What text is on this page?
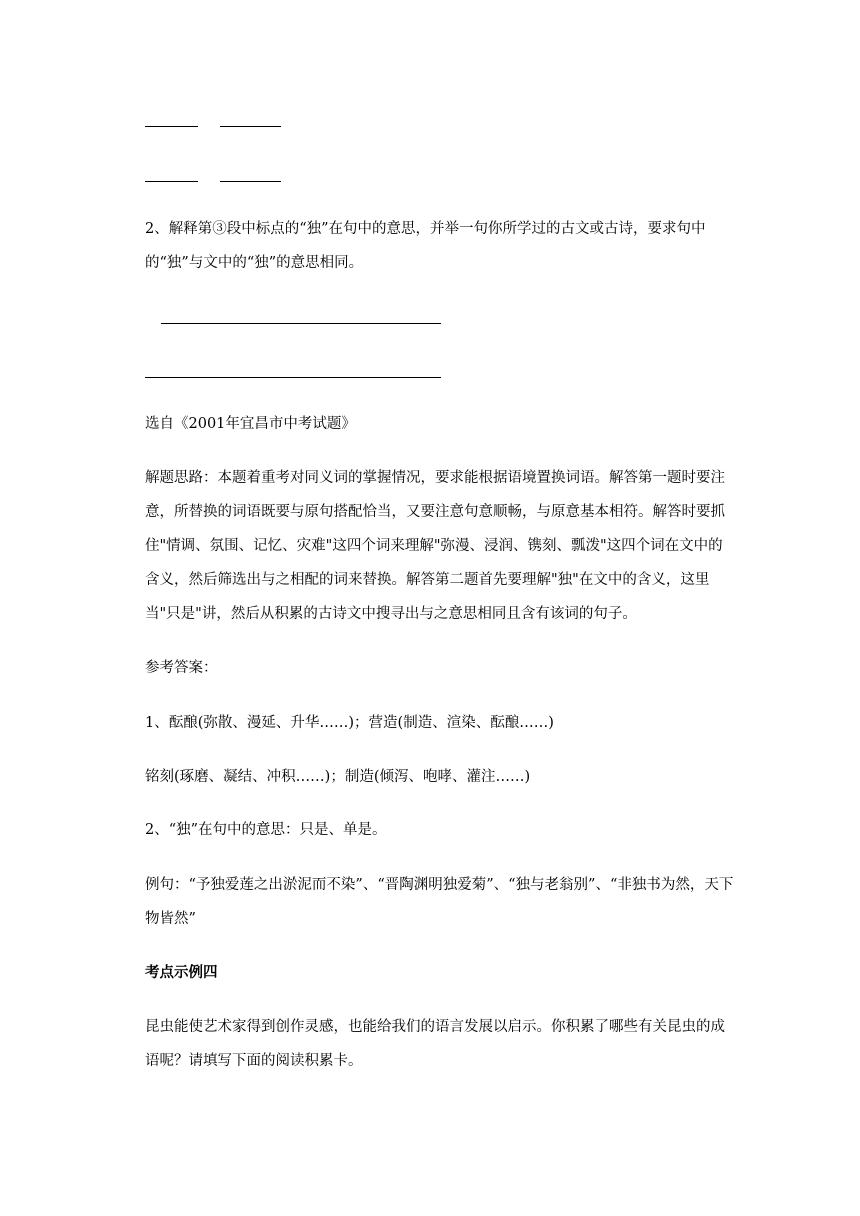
2、解释第③段中标点的“独”在句中的意思，并举一句你所学过的古文或古诗，要求句中的“独”与文中的“独”的意思相同。

选自《2001年宜昌市中考试题》

解题思路：本题着重考对同义词的掌握情况，要求能根据语境置换词语。解答第一题时要注意，所替换的词语既要与原句搭配恰当，又要注意句意顺畅，与原意基本相符。解答时要抓住"情调、氛围、记忆、灾难"这四个词来理解"弥漫、浸润、镌刻、瓢泼"这四个词在文中的含义，然后筛选出与之相配的词来替换。解答第二题首先要理解"独"在文中的含义，这里当"只是"讲，然后从积累的古诗文中搜寻出与之意思相同且含有该词的句子。

参考答案：

1、酝酿(弥散、漫延、升华……)；营造(制造、渲染、酝酿……)

铭刻(琢磨、凝结、冲积……)；制造(倾泻、咆哮、灌注……)

2、“独”在句中的意思：只是、单是。

例句：“予独爱莲之出淤泥而不染”、“晋陶渊明独爱菊”、“独与老翁别”、“非独书为然，天下物皆然”

考点示例四

昆虫能使艺术家得到创作灵感，也能给我们的语言发展以启示。你积累了哪些有关昆虫的成语呢？请填写下面的阅读积累卡。
